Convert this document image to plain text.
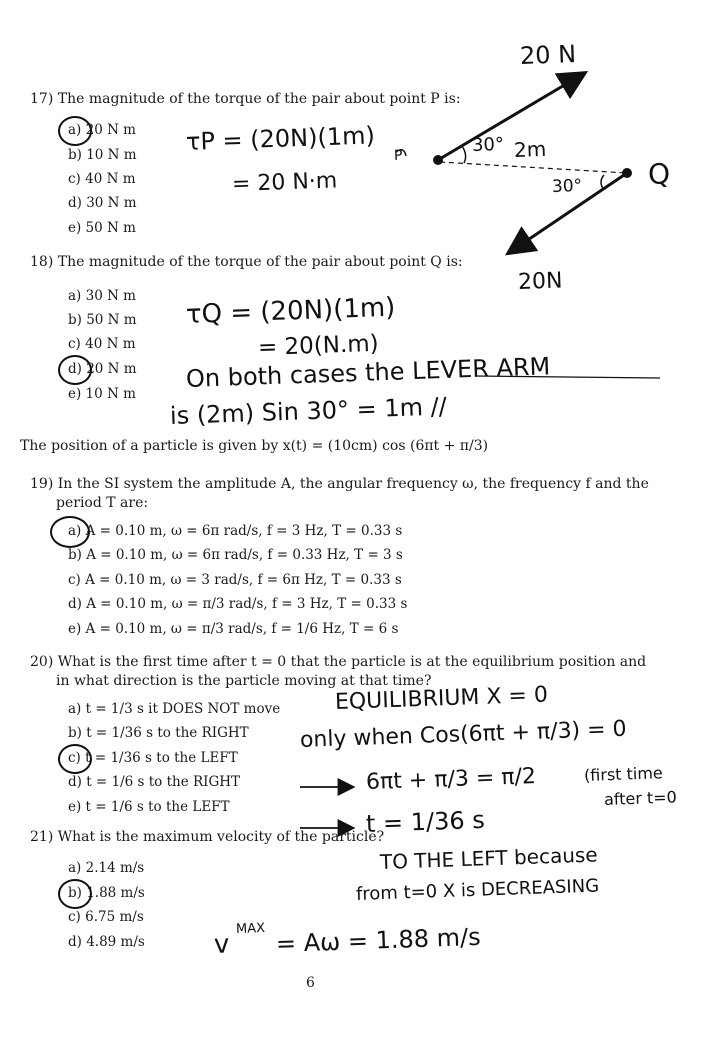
20 N
17) The magnitude of the torque of the pair about point P is:
a) 20 N m
b) 10 N m
c) 40 N m
d) 30 N m
e) 50 N m
τP = (20N)(1m) P
= 20 N·m
30° 2m
30° Q
20N
18) The magnitude of the torque of the pair about point Q is:
a) 30 N m
b) 50 N m
c) 40 N m
d) 20 N m
e) 10 N m
τQ = (20N)(1m)
= 20(N.m)
On both cases the LEVER ARM
is (2m) Sin 30° = 1m //
The position of a particle is given by x(t) = (10cm) cos (6πt + π/3)
19) In the SI system the amplitude A, the angular frequency ω, the frequency f and the
period T are:
a) A = 0.10 m, ω = 6π rad/s, f = 3 Hz, T = 0.33 s
b) A = 0.10 m, ω = 6π rad/s, f = 0.33 Hz, T = 3 s
c) A = 0.10 m, ω = 3 rad/s, f = 6π Hz, T = 0.33 s
d) A = 0.10 m, ω = π/3 rad/s, f = 3 Hz, T = 0.33 s
e) A = 0.10 m, ω = π/3 rad/s, f = 1/6 Hz, T = 6 s
20) What is the first time after t = 0 that the particle is at the equilibrium position and
in what direction is the particle moving at that time?
a) t = 1/3 s it DOES NOT move
b) t = 1/36 s to the RIGHT
c) t = 1/36 s to the LEFT
d) t = 1/6 s to the RIGHT
e) t = 1/6 s to the LEFT
EQUILIBRIUM X = 0
only when Cos(6πt + π/3) = 0
6πt + π/3 = π/2	(first time
after t=0
t = 1/36 s
TO THE LEFT because
from t=0 X is DECREASING
21) What is the maximum velocity of the particle?
a) 2.14 m/s
b) 1.88 m/s
c) 6.75 m/s
d) 4.89 m/s	v
MAX = Aω = 1.88 m/s
6
